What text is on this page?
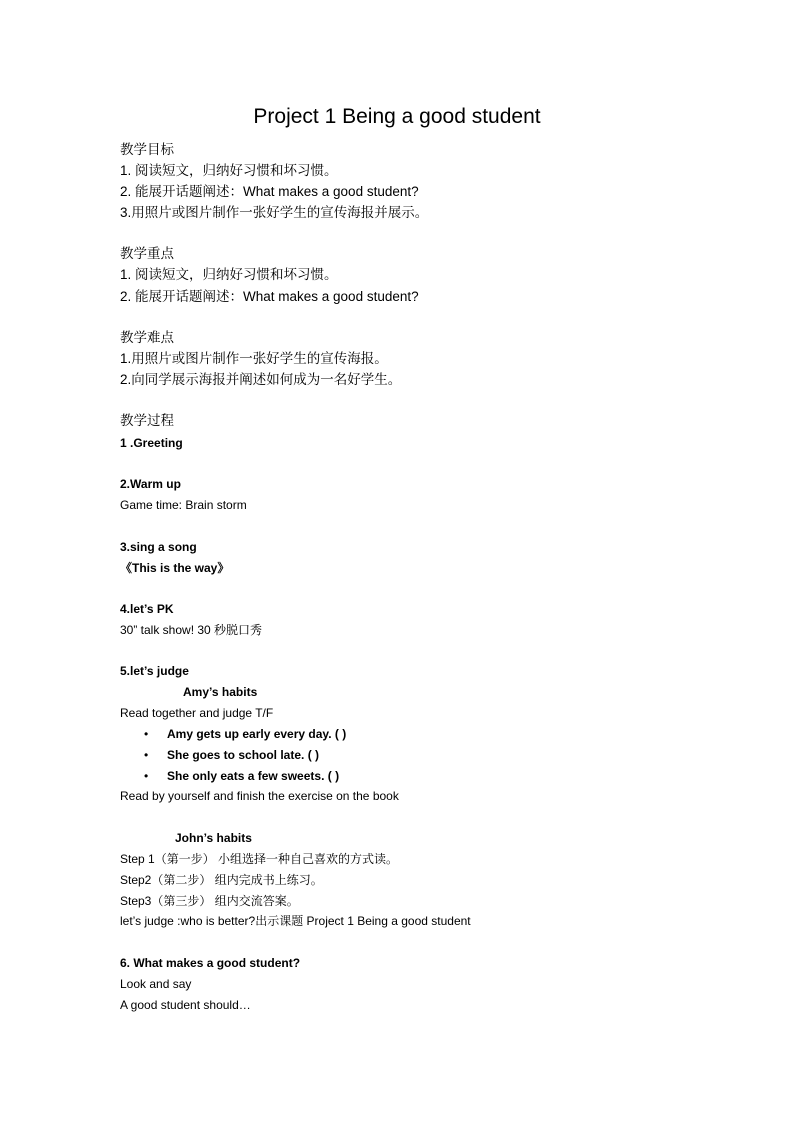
Project 1 Being a good student
教学目标
1. 阅读短文，归纳好习惯和坏习惯。
2. 能展开话题阐述：What makes a good student?
3.用照片或图片制作一张好学生的宣传海报并展示。
教学重点
1. 阅读短文，归纳好习惯和坏习惯。
2. 能展开话题阐述：What makes a good student?
教学难点
1.用照片或图片制作一张好学生的宣传海报。
2.向同学展示海报并阐述如何成为一名好学生。
教学过程
1 .Greeting
2.Warm up
Game time: Brain storm
3.sing a song
《This is the way》
4.let’s PK
30” talk show! 30 秒脱口秀
5.let’s judge
Amy’s habits
Read together and judge T/F
• Amy gets up early every day. ( )
• She goes to school late. ( )
• She only eats a few sweets. ( )
Read by yourself and finish the exercise on the book
John’s habits
Step 1（第一步） 小组选择一种自己喜欢的方式读。
Step2（第二步） 组内完成书上练习。
Step3（第三步） 组内交流答案。
let’s judge :who is better?出示课题 Project 1 Being a good student
6. What makes a good student?
Look and say
A good student should…
